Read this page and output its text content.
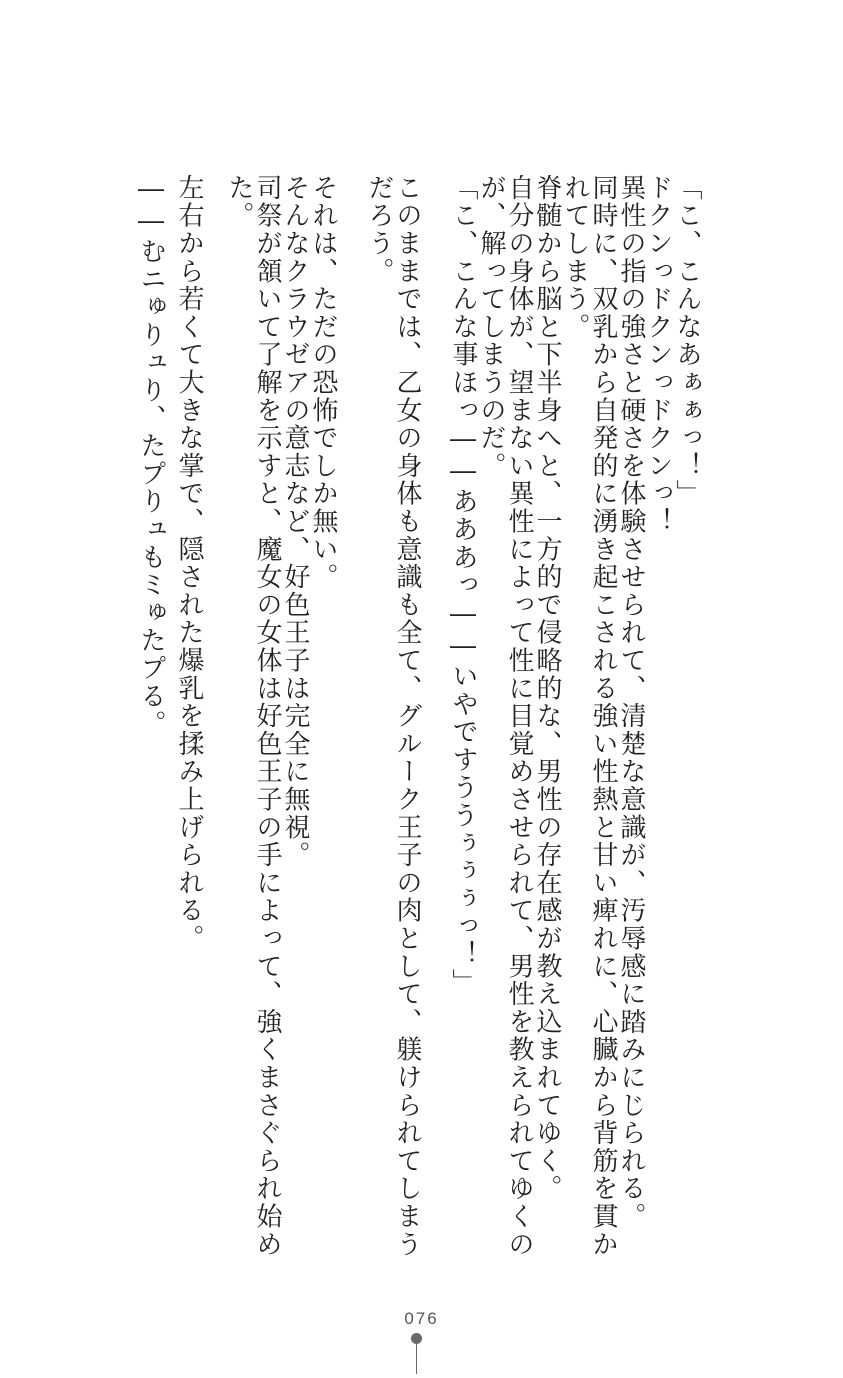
「こ、こんなあぁぁっ！」
ドクンっドクンっドクンっ！
異性の指の強さと硬さを体験させられて、清楚な意識が、汚辱感に踏みにじられる。
同時に、双乳から自発的に湧き起こされる強い性熱と甘い痺れに、心臓から背筋を貫か
れてしまう。
脊髄から脳と下半身へと、一方的で侵略的な、男性の存在感が教え込まれてゆく。
自分の身体が、望まない異性によって性に目覚めさせられて、男性を教えられてゆくの
が、解ってしまうのだ。
「こ、こんな事ほっ――あああっ――いやですううぅぅぅっ！」
このままでは、乙女の身体も意識も全て、グルーク王子の肉として、躾けられてしまう
だろう。
それは、ただの恐怖でしか無い。
そんなクラウゼアの意志など、好色王子は完全に無視。
司祭が頷いて了解を示すと、魔女の女体は好色王子の手によって、強くまさぐられ始め
た。
左右から若くて大きな掌で、隠された爆乳を揉み上げられる。
――むニゅりュり、たプりュもミゅたプる。
076
